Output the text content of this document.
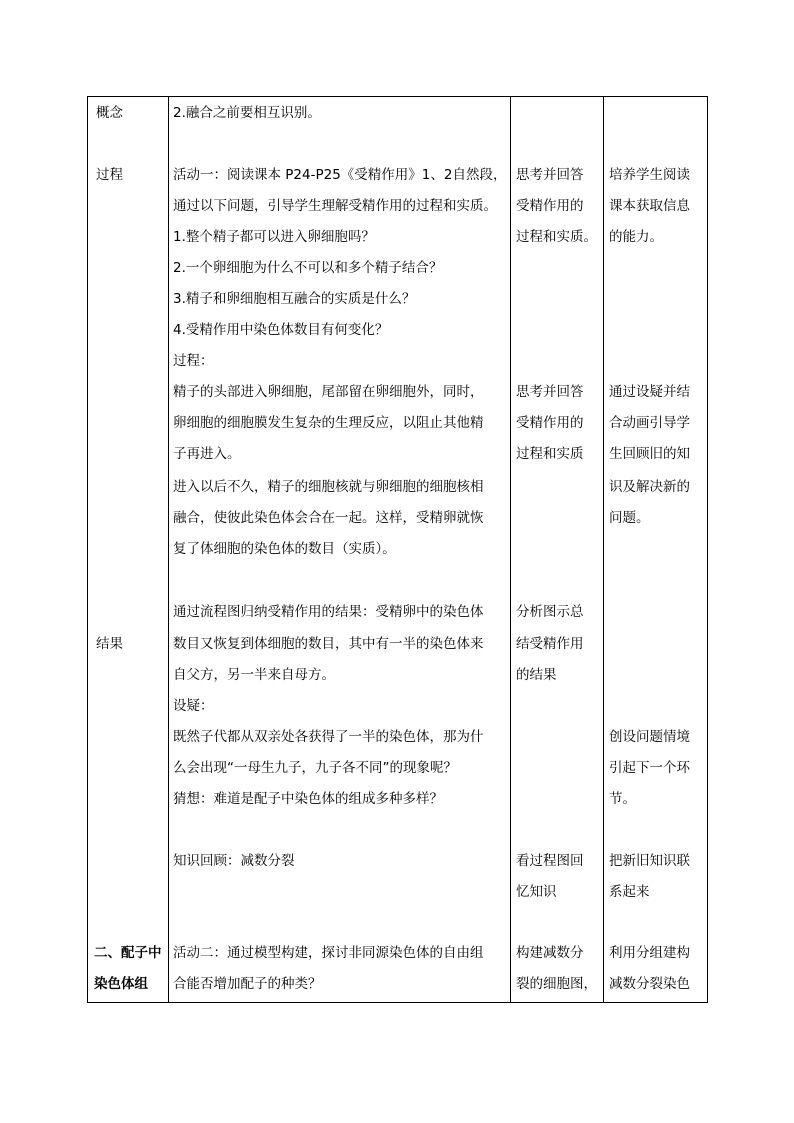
概念
过程
结果
二、配子中
染色体组
2.融合之前要相互识别。
活动一：阅读课本 P24-P25《受精作用》1、2自然段，
通过以下问题，引导学生理解受精作用的过程和实质。
1.整个精子都可以进入卵细胞吗？
2.一个卵细胞为什么不可以和多个精子结合？
3.精子和卵细胞相互融合的实质是什么？
4.受精作用中染色体数目有何变化？
过程：
精子的头部进入卵细胞，尾部留在卵细胞外，同时，
卵细胞的细胞膜发生复杂的生理反应，以阻止其他精
子再进入。
进入以后不久，精子的细胞核就与卵细胞的细胞核相
融合，使彼此染色体会合在一起。这样，受精卵就恢
复了体细胞的染色体的数目（实质）。
通过流程图归纳受精作用的结果：受精卵中的染色体
数目又恢复到体细胞的数目，其中有一半的染色体来
自父方，另一半来自母方。
设疑：
既然子代都从双亲处各获得了一半的染色体，那为什
么会出现“一母生九子，九子各不同”的现象呢？
猜想：难道是配子中染色体的组成多种多样？
知识回顾：减数分裂
活动二：通过模型构建，探讨非同源染色体的自由组
合能否增加配子的种类？
思考并回答
受精作用的
过程和实质。
思考并回答
受精作用的
过程和实质
分析图示总
结受精作用
的结果
看过程图回
忆知识
构建减数分
裂的细胞图，
培养学生阅读
课本获取信息
的能力。
通过设疑并结
合动画引导学
生回顾旧的知
识及解决新的
问题。
创设问题情境
引起下一个环
节。
把新旧知识联
系起来
利用分组建构
减数分裂染色
